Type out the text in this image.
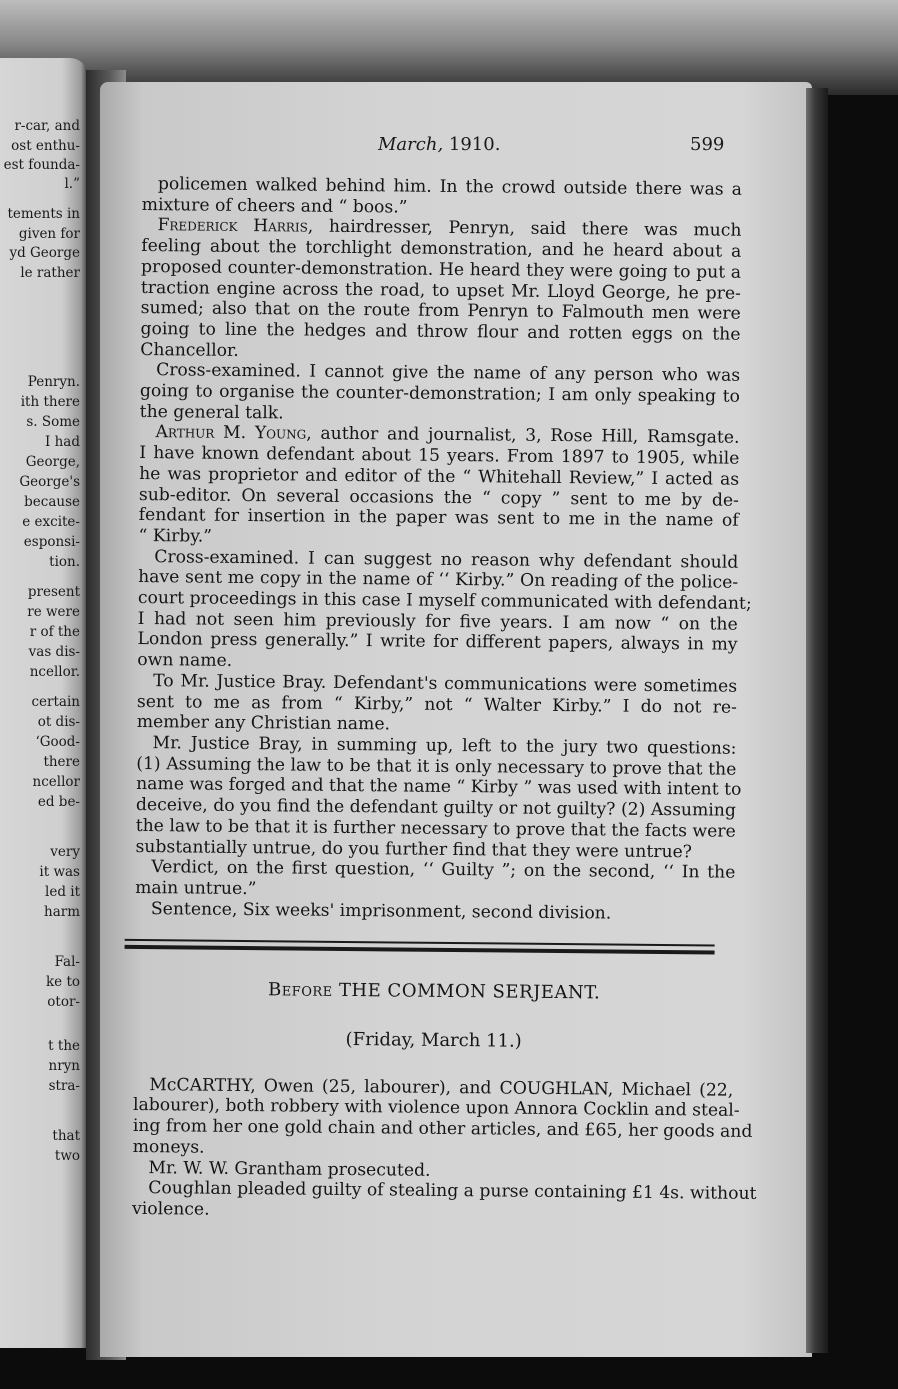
r-car, and
ost enthu-
est founda-
l.”
tements in
given for
yd George
le rather
Penryn.
ith there
s. Some
I had
George,
George's
because
e excite-
esponsi-
tion.
present
re were
r of the
vas dis-
ncellor.
certain
ot dis-
‘Good-
there
ncellor
ed be-
very
it was
led it
harm
Fal-
ke to
otor-
t the
nryn
stra-
that
two
March, 1910.	599
policemen walked behind him. In the crowd outside there was a
mixture of cheers and “ boos.”
Frederick Harris, hairdresser, Penryn, said there was much
feeling about the torchlight demonstration, and he heard about a
proposed counter-demonstration. He heard they were going to put a
traction engine across the road, to upset Mr. Lloyd George, he pre-
sumed; also that on the route from Penryn to Falmouth men were
going to line the hedges and throw flour and rotten eggs on the
Chancellor.
Cross-examined. I cannot give the name of any person who was
going to organise the counter-demonstration; I am only speaking to
the general talk.
Arthur M. Young, author and journalist, 3, Rose Hill, Ramsgate.
I have known defendant about 15 years. From 1897 to 1905, while
he was proprietor and editor of the “ Whitehall Review,” I acted as
sub-editor. On several occasions the “ copy ” sent to me by de-
fendant for insertion in the paper was sent to me in the name of
“ Kirby.”
Cross-examined. I can suggest no reason why defendant should
have sent me copy in the name of ‘‘ Kirby.” On reading of the police-
court proceedings in this case I myself communicated with defendant;
I had not seen him previously for five years. I am now “ on the
London press generally.” I write for different papers, always in my
own name.
To Mr. Justice Bray. Defendant's communications were sometimes
sent to me as from “ Kirby,” not “ Walter Kirby.” I do not re-
member any Christian name.
Mr. Justice Bray, in summing up, left to the jury two questions:
(1) Assuming the law to be that it is only necessary to prove that the
name was forged and that the name “ Kirby ” was used with intent to
deceive, do you find the defendant guilty or not guilty? (2) Assuming
the law to be that it is further necessary to prove that the facts were
substantially untrue, do you further find that they were untrue?
Verdict, on the first question, ‘‘ Guilty ”; on the second, ‘‘ In the
main untrue.”
Sentence, Six weeks' imprisonment, second division.
Before THE COMMON SERJEANT.
(Friday, March 11.)
McCARTHY, Owen (25, labourer), and COUGHLAN, Michael (22,
labourer), both robbery with violence upon Annora Cocklin and steal-
ing from her one gold chain and other articles, and £65, her goods and
moneys.
Mr. W. W. Grantham prosecuted.
Coughlan pleaded guilty of stealing a purse containing £1 4s. without
violence.
